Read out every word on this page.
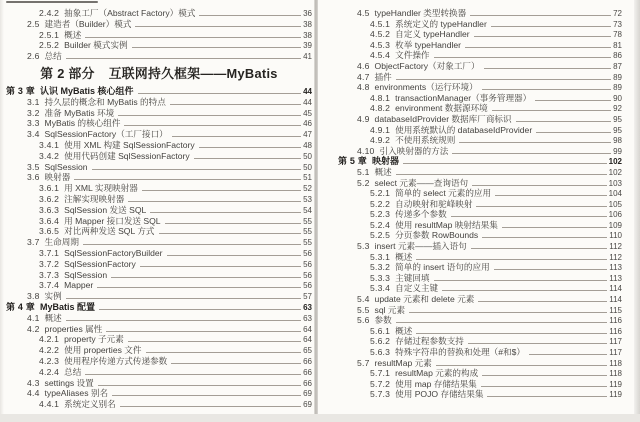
2.4.2 抽象工厂（Abstract Factory）模式	36
2.5 建造者（Builder）模式	38
2.5.1 概述	38
2.5.2 Builder 模式实例	39
2.6 总结	41
第 2 部分 互联网持久框架——MyBatis
第 3 章 认识 MyBatis 核心组件	44
3.1 持久层的概念和 MyBatis 的特点	44
3.2 准备 MyBatis 环境	45
3.3 MyBatis 的核心组件	46
3.4 SqlSessionFactory（工厂接口）	47
3.4.1 使用 XML 构建 SqlSessionFactory	48
3.4.2 使用代码创建 SqlSessionFactory	50
3.5 SqlSession	50
3.6 映射器	51
3.6.1 用 XML 实现映射器	52
3.6.2 注解实现映射器	53
3.6.3 SqlSession 发送 SQL	54
3.6.4 用 Mapper 接口发送 SQL	55
3.6.5 对比两种发送 SQL 方式	55
3.7 生命周期	55
3.7.1 SqlSessionFactoryBuilder	56
3.7.2 SqlSessionFactory	56
3.7.3 SqlSession	56
3.7.4 Mapper	56
3.8 实例	57
第 4 章 MyBatis 配置	63
4.1 概述	63
4.2 properties 属性	64
4.2.1 property 子元素	64
4.2.2 使用 properties 文件	65
4.2.3 使用程序传递方式传递参数	66
4.2.4 总结	66
4.3 settings 设置	66
4.4 typeAliases 别名	69
4.4.1 系统定义别名	69
4.5 typeHandler 类型转换器	72
4.5.1 系统定义的 typeHandler	73
4.5.2 自定义 typeHandler	78
4.5.3 枚举 typeHandler	81
4.5.4 文件操作	86
4.6 ObjectFactory（对象工厂）	87
4.7 插件	89
4.8 environments（运行环境）	89
4.8.1 transactionManager（事务管理器）	90
4.8.2 environment 数据源环境	92
4.9 databaseIdProvider 数据库厂商标识	95
4.9.1 使用系统默认的 databaseIdProvider	95
4.9.2 不使用系统规则	98
4.10 引入映射器的方法	99
第 5 章 映射器	102
5.1 概述	102
5.2 select 元素——查询语句	103
5.2.1 简单的 select 元素的应用	104
5.2.2 自动映射和驼峰映射	105
5.2.3 传递多个参数	106
5.2.4 使用 resultMap 映射结果集	109
5.2.5 分页参数 RowBounds	110
5.3 insert 元素——插入语句	112
5.3.1 概述	112
5.3.2 简单的 insert 语句的应用	113
5.3.3 主键回填	113
5.3.4 自定义主键	114
5.4 update 元素和 delete 元素	114
5.5 sql 元素	115
5.6 参数	116
5.6.1 概述	116
5.6.2 存储过程参数支持	117
5.6.3 特殊字符串的替换和处理（#和$）	117
5.7 resultMap 元素	118
5.7.1 resultMap 元素的构成	118
5.7.2 使用 map 存储结果集	119
5.7.3 使用 POJO 存储结果集	119
